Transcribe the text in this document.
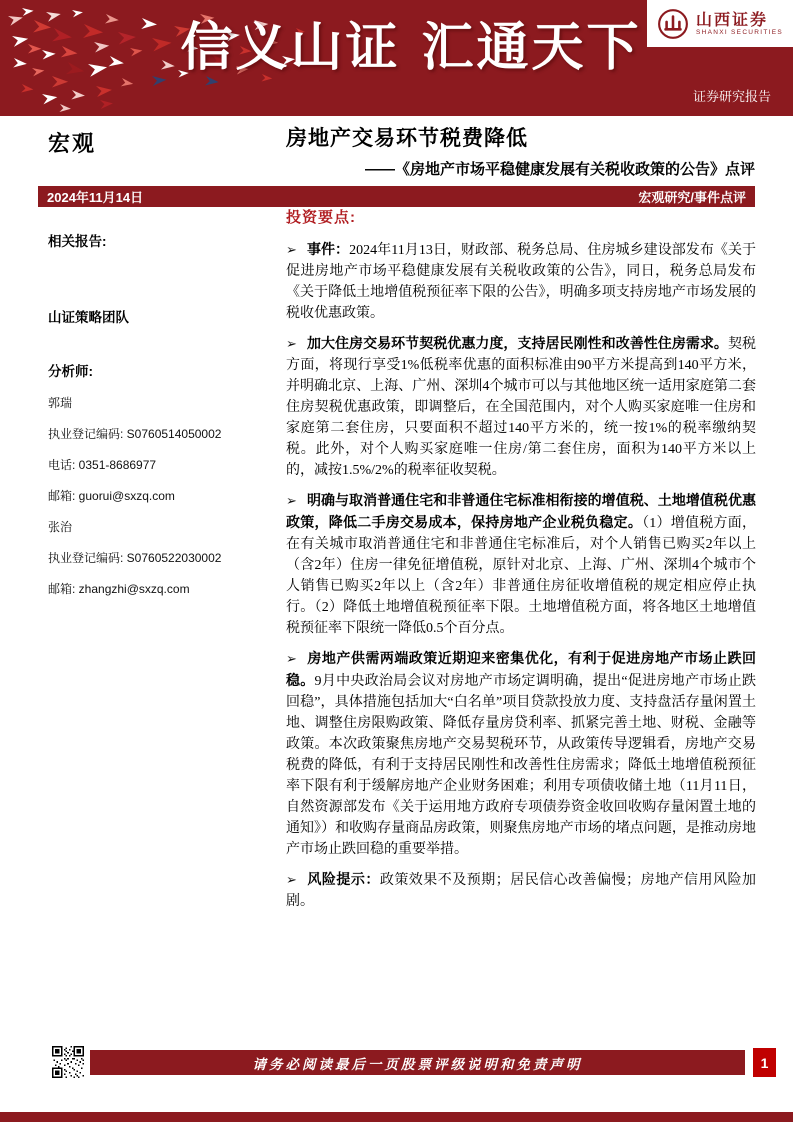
信义山证 汇通天下	山西证券
SHANXI SECURITIES
证券研究报告
宏观	房地产交易环节税费降低
——《房地产市场平稳健康发展有关税收政策的公告》点评
2024年11月14日	宏观研究/事件点评
相关报告:
山证策略团队
分析师:
郭瑞
执业登记编码: S0760514050002
电话: 0351-8686977
邮箱: guorui@sxzq.com
张治
执业登记编码: S0760522030002
邮箱: zhangzhi@sxzq.com
投资要点:

➢ 事件：2024年11月13日，财政部、税务总局、住房城乡建设部发布《关于促进房地产市场平稳健康发展有关税收政策的公告》，同日，税务总局发布《关于降低土地增值税预征率下限的公告》，明确多项支持房地产市场发展的税收优惠政策。

➢ 加大住房交易环节契税优惠力度，支持居民刚性和改善性住房需求。契税方面，将现行享受1%低税率优惠的面积标准由90平方米提高到140平方米，并明确北京、上海、广州、深圳4个城市可以与其他地区统一适用家庭第二套住房契税优惠政策，即调整后，在全国范围内，对个人购买家庭唯一住房和家庭第二套住房，只要面积不超过140平方米的，统一按1%的税率缴纳契税。此外，对个人购买家庭唯一住房/第二套住房，面积为140平方米以上的，减按1.5%/2%的税率征收契税。

➢ 明确与取消普通住宅和非普通住宅标准相衔接的增值税、土地增值税优惠政策，降低二手房交易成本，保持房地产企业税负稳定。（1）增值税方面，在有关城市取消普通住宅和非普通住宅标准后，对个人销售已购买2年以上（含2年）住房一律免征增值税，原针对北京、上海、广州、深圳4个城市个人销售已购买2年以上（含2年）非普通住房征收增值税的规定相应停止执行。（2）降低土地增值税预征率下限。土地增值税方面，将各地区土地增值税预征率下限统一降低0.5个百分点。

➢ 房地产供需两端政策近期迎来密集优化，有利于促进房地产市场止跌回稳。9月中央政治局会议对房地产市场定调明确，提出“促进房地产市场止跌回稳”，具体措施包括加大“白名单”项目贷款投放力度、支持盘活存量闲置土地、调整住房限购政策、降低存量房贷利率、抓紧完善土地、财税、金融等政策。本次政策聚焦房地产交易契税环节，从政策传导逻辑看，房地产交易税费的降低，有利于支持居民刚性和改善性住房需求；降低土地增值税预征率下限有利于缓解房地产企业财务困难；利用专项债收储土地（11月11日，自然资源部发布《关于运用地方政府专项债券资金收回收购存量闲置土地的通知》）和收购存量商品房政策，则聚焦房地产市场的堵点问题，是推动房地产市场止跌回稳的重要举措。

➢ 风险提示：政策效果不及预期；居民信心改善偏慢；房地产信用风险加剧。

请务必阅读最后一页股票评级说明和免责声明	1
